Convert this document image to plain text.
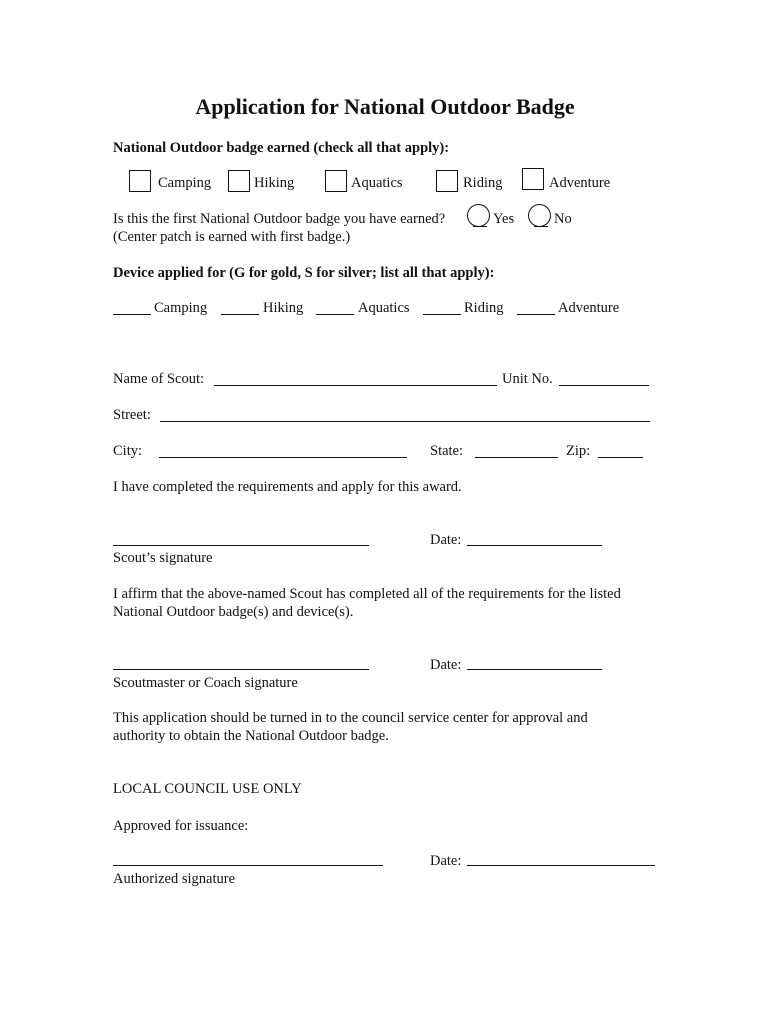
Application for National Outdoor Badge
National Outdoor badge earned (check all that apply):
Camping	Hiking	Aquatics	Riding	Adventure
Is this the first National Outdoor badge you have earned?	Yes	No
(Center patch is earned with first badge.)
Device applied for (G for gold, S for silver; list all that apply):
Camping	Hiking	Aquatics	Riding	Adventure
Name of Scout:	Unit No.
Street:
City:	State:	Zip:
I have completed the requirements and apply for this award.
Date:
Scout’s signature
I affirm that the above-named Scout has completed all of the requirements for the listed
National Outdoor badge(s) and device(s).
Date:
Scoutmaster or Coach signature
This application should be turned in to the council service center for approval and
authority to obtain the National Outdoor badge.
LOCAL COUNCIL USE ONLY
Approved for issuance:
Date:
Authorized signature
